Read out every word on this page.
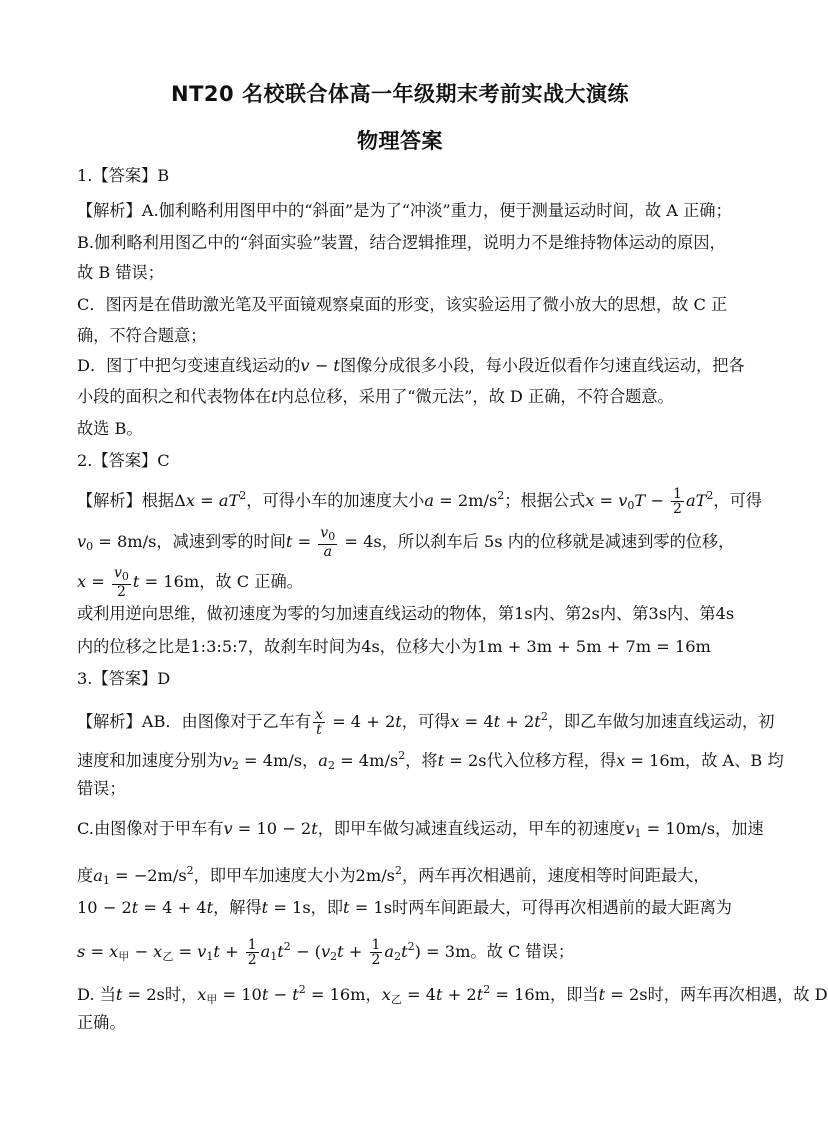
NT20 名校联合体高一年级期末考前实战大演练
物理答案
1.【答案】B
【解析】A.伽利略利用图甲中的“斜面”是为了“冲淡”重力，便于测量运动时间，故 A 正确；
B.伽利略利用图乙中的“斜面实验”装置，结合逻辑推理，说明力不是维持物体运动的原因，
故 B 错误；
C．图丙是在借助激光笔及平面镜观察桌面的形变，该实验运用了微小放大的思想，故 C 正
确，不符合题意；
D．图丁中把匀变速直线运动的v − t图像分成很多小段，每小段近似看作匀速直线运动，把各
小段的面积之和代表物体在t内总位移，采用了“微元法”，故 D 正确，不符合题意。
故选 B。
2.【答案】C
【解析】根据$\Delta x = aT^2$，可得小车的加速度大小$a = 2m/s^2$；根据公式$x = v_0T - \frac{1}{2} aT^2$，可得
$v_0 = 8m/s$，减速到零的时间$t = \frac{v_0}{a} = 4s$，所以刹车后 5s 内的位移就是减速到零的位移，
$x = \frac{v_0}{2}$ t = 16m，故 C 正确。
或利用逆向思维，做初速度为零的匀加速直线运动的物体，第1s内、第2s内、第3s内、第4s
内的位移之比是1:3:5:7，故刹车时间为4s，位移大小为1m + 3m + 5m + 7m = 16m
3.【答案】D
【解析】AB．由图像对于乙车有 $\frac{x}{t} = 4 + 2t$，可得$x = 4t + 2t^2$，即乙车做匀加速直线运动，初
速度和加速度分别为$v_2 = 4m/s$，$a_2 = 4m/s^2$，将t = 2s代入位移方程，得x = 16m，故 A、B 均
错误；
C.由图像对于甲车有v = 10 − 2t，即甲车做匀减速直线运动，甲车的初速度$v_1 = 10m/s$，加速
度$a_1 = -2m/s^2$，即甲车加速度大小为$2m/s^2$，两车再次相遇前，速度相等时间距最大，
10 − 2t = 4 + 4t，解得t = 1s，即t = 1s时两车间距最大，可得再次相遇前的最大距离为
$s = x_甲 - x_乙 = v_1t + \frac{1}{2} a_1t^2 - (v_2t + \frac{1}{2} a_2t^2) = 3m$。故 C 错误；
D. 当t = 2s时，$x_甲 = 10t - t^2 = 16m$，$x_乙 = 4t + 2t^2 = 16m$，即当t = 2s时，两车再次相遇，故 D
正确。
